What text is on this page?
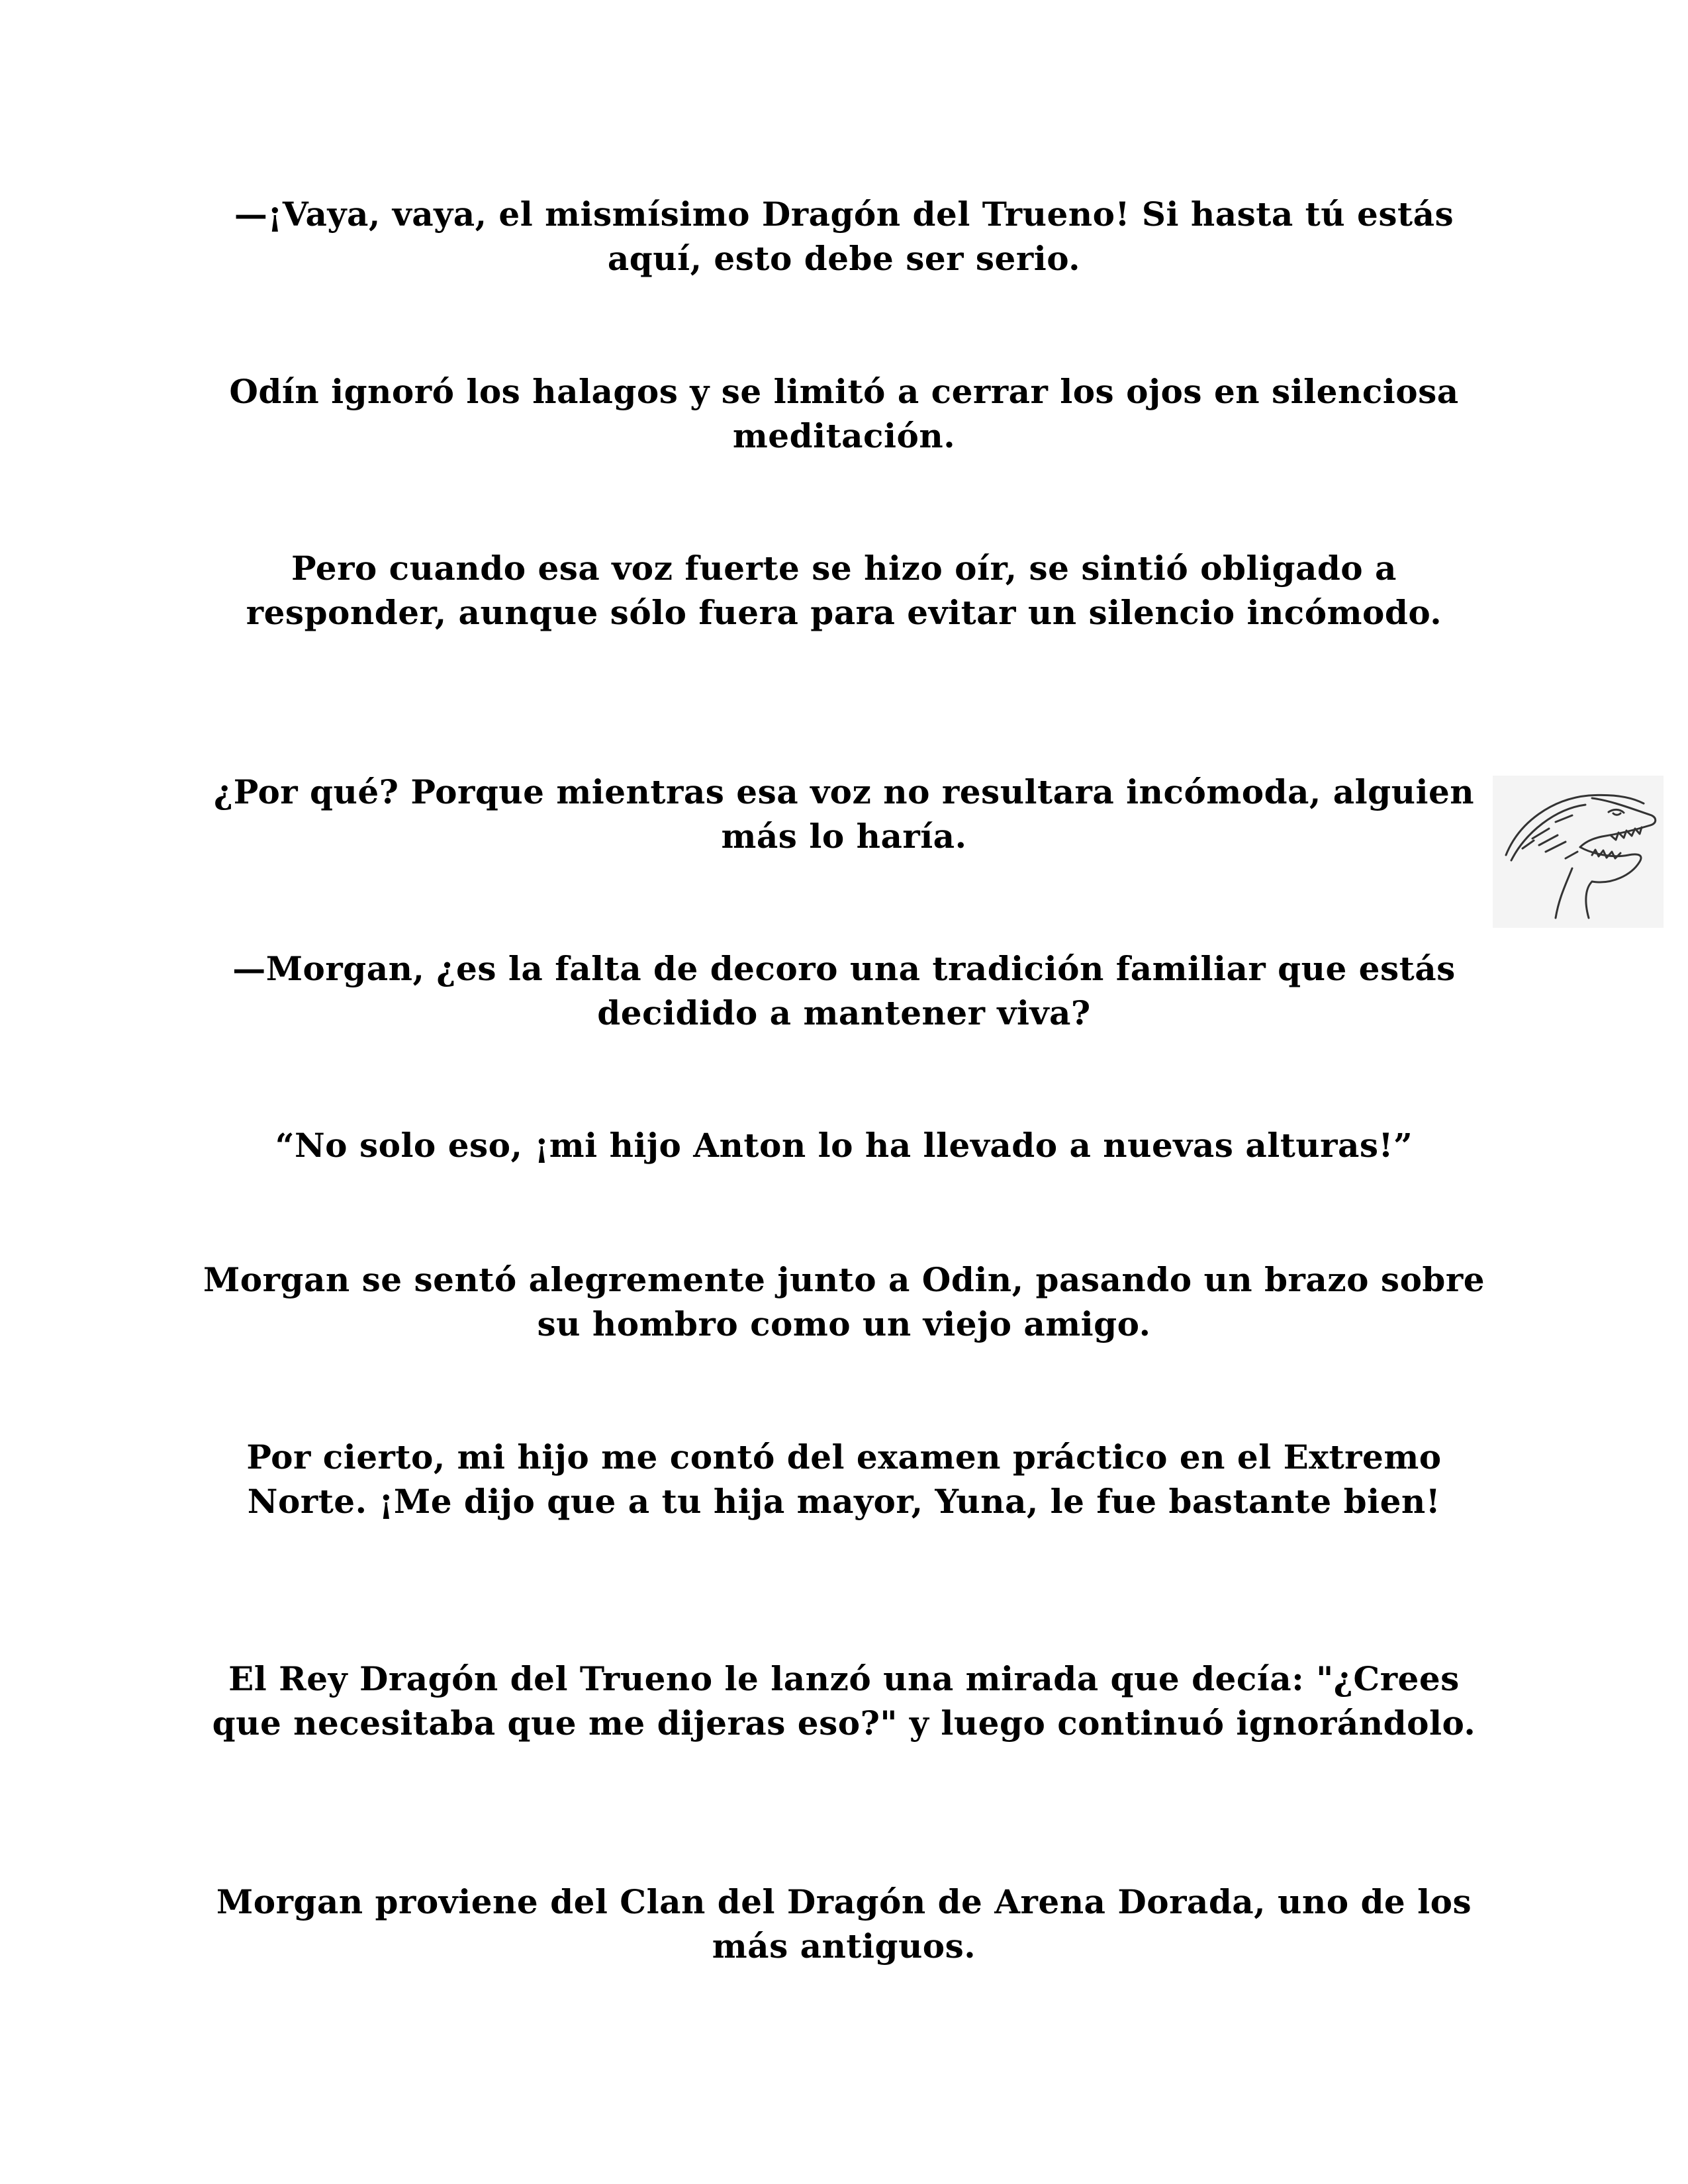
—¡Vaya, vaya, el mismísimo Dragón del Trueno! Si hasta tú estás aquí, esto debe ser serio.

Odín ignoró los halagos y se limitó a cerrar los ojos en silenciosa meditación.

Pero cuando esa voz fuerte se hizo oír, se sintió obligado a responder, aunque sólo fuera para evitar un silencio incómodo.

¿Por qué? Porque mientras esa voz no resultara incómoda, alguien más lo haría.

—Morgan, ¿es la falta de decoro una tradición familiar que estás decidido a mantener viva?

“No solo eso, ¡mi hijo Anton lo ha llevado a nuevas alturas!”

Morgan se sentó alegremente junto a Odin, pasando un brazo sobre su hombro como un viejo amigo.

Por cierto, mi hijo me contó del examen práctico en el Extremo Norte. ¡Me dijo que a tu hija mayor, Yuna, le fue bastante bien!

El Rey Dragón del Trueno le lanzó una mirada que decía: "¿Crees que necesitaba que me dijeras eso?" y luego continuó ignorándolo.

Morgan proviene del Clan del Dragón de Arena Dorada, uno de los más antiguos.
